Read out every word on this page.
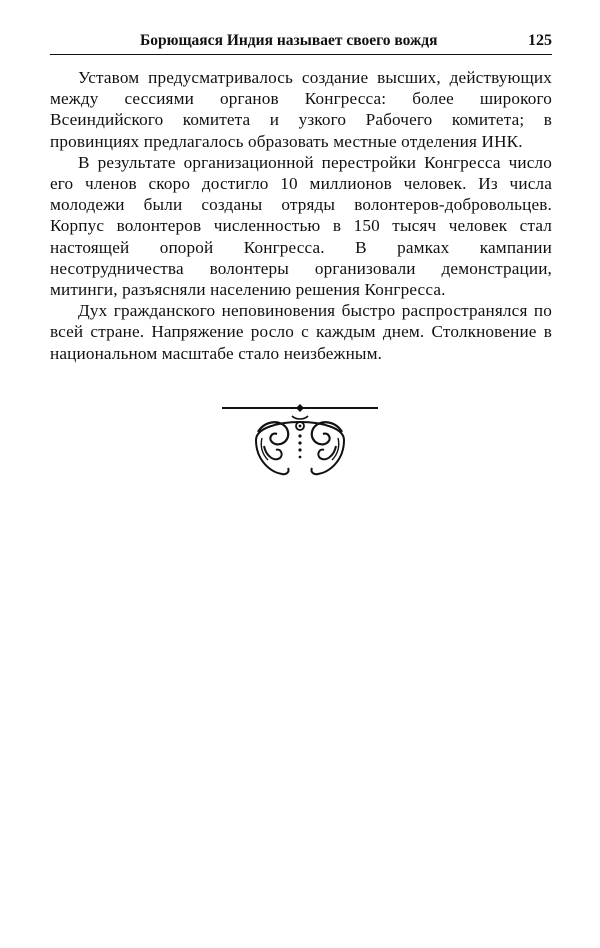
Борющаяся Индия называет своего вождя	125

Уставом предусматривалось создание высших, действующих между сессиями органов Конгресса: более широкого Всеиндийского комитета и узкого Рабочего комитета; в провинциях предлагалось образовать местные отделения ИНК.

В результате организационной перестройки Конгресса число его членов скоро достигло 10 миллионов человек. Из числа молодежи были созданы отряды волонтеров-добровольцев. Корпус волонтеров численностью в 150 тысяч человек стал настоящей опорой Конгресса. В рамках кампании несотрудничества волонтеры организовали демонстрации, митинги, разъясняли населению решения Конгресса.

Дух гражданского неповиновения быстро распространялся по всей стране. Напряжение росло с каждым днем. Столкновение в национальном масштабе стало неизбежным.
